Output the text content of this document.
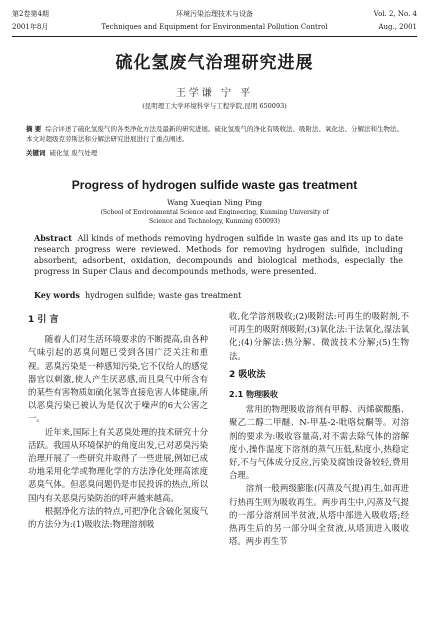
第2卷第4期
2001年8月
环境污染治理技术与设备
Techniques and Equipment for Environmental Pollution Control
Vol. 2, No. 4
Aug., 2001
硫化氢废气治理研究进展
王学谦 宁 平
(昆明理工大学环境科学与工程学院,昆明 650093)
摘 要 综合评述了硫化氢废气的各类净化方法及最新的研究进展。硫化氢废气的净化有吸收法、吸附法、氧化法、分解法和生物法。本文对超级克劳斯法和分解法研究进展进行了重点阐述。
关键词 硫化氢 废气处理
Progress of hydrogen sulfide waste gas treatment
Wang Xueqian Ning Ping
(School of Environmental Science and Engineering, Kunming University of
Science and Technology, Kunming 650093)
Abstract All kinds of methods removing hydrogen sulfide in waste gas and its up to date research progress were reviewed. Methods for removing hydrogen sulfide, including absorbent, adsorbent, oxidation, decompounds and biological methods, especially the progress in Super Claus and decompounds methods, were presented.
Key words hydrogen sulfide; waste gas treatment
1 引 言

随着人们对生活环境要求的不断提高,由各种气味引起的恶臭问题已受到各国广泛关注和重视。恶臭污染是一种感知污染,它不仅给人的感觉器官以刺激,使人产生厌恶感,而且臭气中所含有的某些有害物质如硫化氢等直接危害人体健康,所以恶臭污染已被认为是仅次于噪声的6大公害之一。

近年来,国际上有关恶臭处理的技术研究十分活跃。我国从环境保护的角度出发,已对恶臭污染治理开展了一些研究并取得了一些进展,例如已成功地采用化学或物理化学的方法净化处理高浓度恶臭气体。但恶臭问题仍是市民投诉的热点,所以国内有关恶臭污染防治的呼声越来越高。

根据净化方法的特点,可把净化含硫化氢废气的方法分为:(1)吸收法:物理溶剂吸

收,化学溶剂吸收;(2)吸附法:可再生的吸附剂,不可再生的吸附剂吸附;(3)氧化法:干法氧化,湿法氧化;(4)分解法:热分解、微波技术分解;(5)生物法。

2 吸收法
2.1 物理吸收

常用的物理吸收溶剂有甲醇、丙烯碳酸酯、聚乙二醇二甲醚、N-甲基-2-吡咯烷酮等。对溶剂的要求为:吸收容量高,对不需去除气体的溶解度小,操作温度下溶剂的蒸气压低,粘度小,热稳定好,不与气体成分反应,污染及腐蚀设备较轻,费用合理。

溶剂一般两级膨胀(闪蒸及气提)再生,如再进行热再生则为吸收再生。两步再生中,闪蒸及气提的一部分溶剂回半贫液,从塔中部进入吸收塔;经热再生后的另一部分叫全贫液,从塔顶进入吸收塔。两步再生节
